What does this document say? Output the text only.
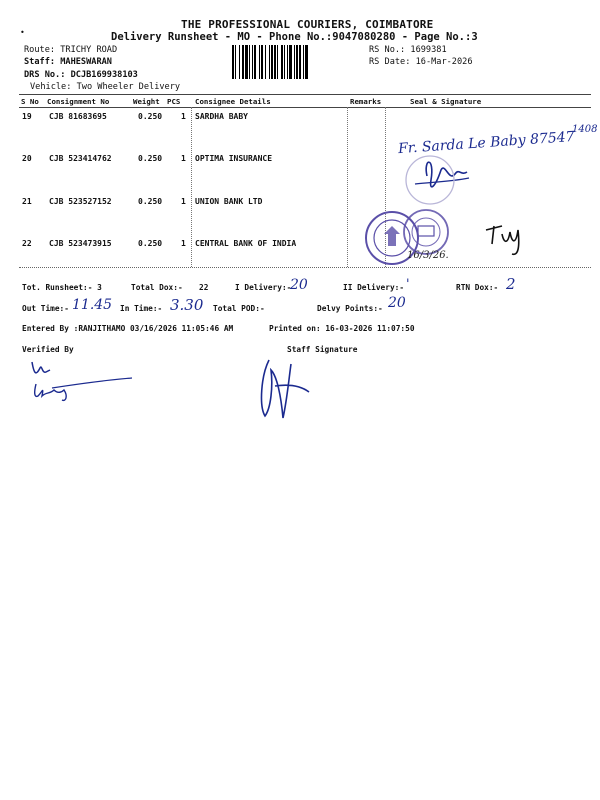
•
THE PROFESSIONAL COURIERS, COIMBATORE
Delivery Runsheet - MO - Phone No.:9047080280 - Page No.:3
Route: TRICHY ROAD
Staff: MAHESWARAN
DRS No.: DCJB169938103
Vehicle: Two Wheeler Delivery
RS No.: 1699381
RS Date: 16-Mar-2026
S No Consignment No	Weight PCS Consignee Details	Remarks	Seal & Signature
19 CJB 81683695	0.250 1 SARDHA BABY
20 CJB 523414762	0.250 1 OPTIMA INSURANCE
21 CJB 523527152	0.250 1 UNION BANK LTD
22 CJB 523473915	0.250 1 CENTRAL BANK OF INDIA
Fr. Sarda Le Baby 87547
1408
16/3/26.
Tot. Runsheet:- 3	Total Dox:- 22	I Delivery:-
20	II Delivery:- '	RTN Dox:- 2
Out Time:- 11.45 In Time:- 3.30 Total POD:-	Delvy Points:- 20
Entered By :RANJITHAMO 03/16/2026 11:05:46 AM	Printed on: 16-03-2026 11:07:50
Verified By	Staff Signature
